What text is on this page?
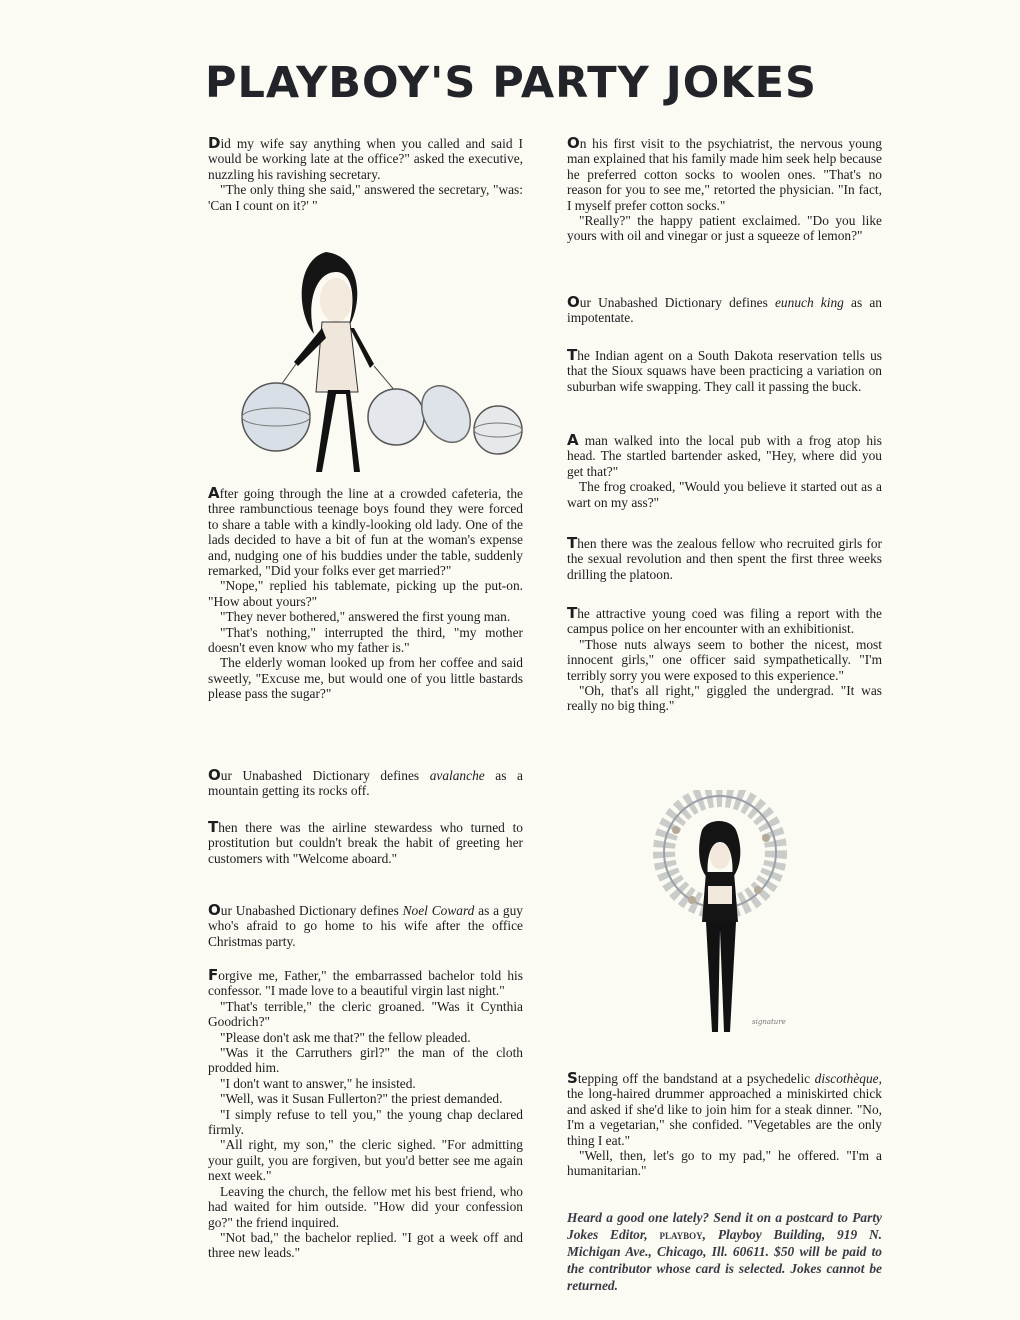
PLAYBOY'S PARTY JOKES

Did my wife say anything when you called and said I would be working late at the office?" asked the executive, nuzzling his ravishing secretary.

"The only thing she said," answered the secretary, "was: 'Can I count on it?' "

After going through the line at a crowded cafeteria, the three rambunctious teenage boys found they were forced to share a table with a kindly-looking old lady. One of the lads decided to have a bit of fun at the woman's expense and, nudging one of his buddies under the table, suddenly remarked, "Did your folks ever get married?"

"Nope," replied his tablemate, picking up the put-on. "How about yours?"

"They never bothered," answered the first young man.

"That's nothing," interrupted the third, "my mother doesn't even know who my father is."

The elderly woman looked up from her coffee and said sweetly, "Excuse me, but would one of you little bastards please pass the sugar?"

Our Unabashed Dictionary defines avalanche as a mountain getting its rocks off.

Then there was the airline stewardess who turned to prostitution but couldn't break the habit of greeting her customers with "Welcome aboard."

Our Unabashed Dictionary defines Noel Coward as a guy who's afraid to go home to his wife after the office Christmas party.

Forgive me, Father," the embarrassed bachelor told his confessor. "I made love to a beautiful virgin last night."

"That's terrible," the cleric groaned. "Was it Cynthia Goodrich?"

"Please don't ask me that?" the fellow pleaded.

"Was it the Carruthers girl?" the man of the cloth prodded him.

"I don't want to answer," he insisted.

"Well, was it Susan Fullerton?" the priest demanded.

"I simply refuse to tell you," the young chap declared firmly.

"All right, my son," the cleric sighed. "For admitting your guilt, you are forgiven, but you'd better see me again next week."

Leaving the church, the fellow met his best friend, who had waited for him outside. "How did your confession go?" the friend inquired.

"Not bad," the bachelor replied. "I got a week off and three new leads."

On his first visit to the psychiatrist, the nervous young man explained that his family made him seek help because he preferred cotton socks to woolen ones. "That's no reason for you to see me," retorted the physician. "In fact, I myself prefer cotton socks."

"Really?" the happy patient exclaimed. "Do you like yours with oil and vinegar or just a squeeze of lemon?"

Our Unabashed Dictionary defines eunuch king as an impotentate.

The Indian agent on a South Dakota reservation tells us that the Sioux squaws have been practicing a variation on suburban wife swapping. They call it passing the buck.

A man walked into the local pub with a frog atop his head. The startled bartender asked, "Hey, where did you get that?"

The frog croaked, "Would you believe it started out as a wart on my ass?"

Then there was the zealous fellow who recruited girls for the sexual revolution and then spent the first three weeks drilling the platoon.

The attractive young coed was filing a report with the campus police on her encounter with an exhibitionist.

"Those nuts always seem to bother the nicest, most innocent girls," one officer said sympathetically. "I'm terribly sorry you were exposed to this experience."

"Oh, that's all right," giggled the undergrad. "It was really no big thing."

signature

Stepping off the bandstand at a psychedelic discothèque, the long-haired drummer approached a miniskirted chick and asked if she'd like to join him for a steak dinner. "No, I'm a vegetarian," she confided. "Vegetables are the only thing I eat."

"Well, then, let's go to my pad," he offered. "I'm a humanitarian."

Heard a good one lately? Send it on a postcard to Party Jokes Editor, playboy, Playboy Building, 919 N. Michigan Ave., Chicago, Ill. 60611. $50 will be paid to the contributor whose card is selected. Jokes cannot be returned.
